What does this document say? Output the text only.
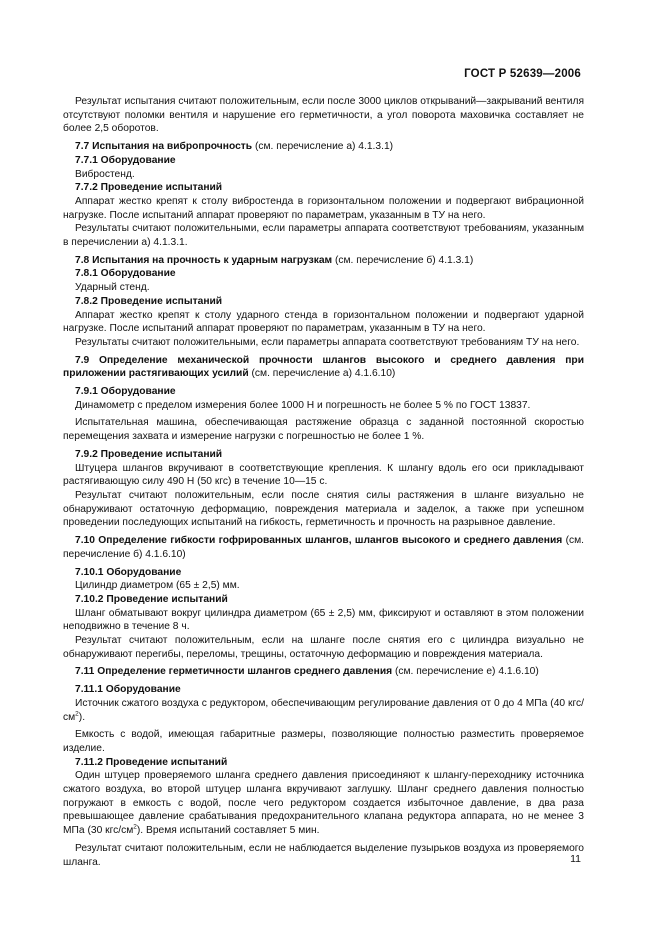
ГОСТ Р 52639—2006

Результат испытания считают положительным, если после 3000 циклов открываний—закрываний вентиля отсутствуют поломки вентиля и нарушение его герметичности, а угол поворота маховичка составляет не более 2,5 оборотов.

7.7 Испытания на вибропрочность (см. перечисление а) 4.1.3.1)

7.7.1 Оборудование

Вибростенд.

7.7.2 Проведение испытаний

Аппарат жестко крепят к столу вибростенда в горизонтальном положении и подвергают вибрационной нагрузке. После испытаний аппарат проверяют по параметрам, указанным в ТУ на него.

Результаты считают положительными, если параметры аппарата соответствуют требованиям, указанным в перечислении а) 4.1.3.1.

7.8 Испытания на прочность к ударным нагрузкам (см. перечисление б) 4.1.3.1)

7.8.1 Оборудование

Ударный стенд.

7.8.2 Проведение испытаний

Аппарат жестко крепят к столу ударного стенда в горизонтальном положении и подвергают ударной нагрузке. После испытаний аппарат проверяют по параметрам, указанным в ТУ на него.

Результаты считают положительными, если параметры аппарата соответствуют требованиям ТУ на него.

7.9 Определение механической прочности шлангов высокого и среднего давления при приложении растягивающих усилий (см. перечисление а) 4.1.6.10)

7.9.1 Оборудование

Динамометр с пределом измерения более 1000 Н и погрешность не более 5 % по ГОСТ 13837.

Испытательная машина, обеспечивающая растяжение образца с заданной постоянной скоростью перемещения захвата и измерение нагрузки с погрешностью не более 1 %.

7.9.2 Проведение испытаний

Штуцера шлангов вкручивают в соответствующие крепления. К шлангу вдоль его оси прикладывают растягивающую силу 490 Н (50 кгс) в течение 10—15 с.

Результат считают положительным, если после снятия силы растяжения в шланге визуально не обнаруживают остаточную деформацию, повреждения материала и заделок, а также при успешном проведении последующих испытаний на гибкость, герметичность и прочность на разрывное давление.

7.10 Определение гибкости гофрированных шлангов, шлангов высокого и среднего давления (см. перечисление б) 4.1.6.10)

7.10.1 Оборудование

Цилиндр диаметром (65 ± 2,5) мм.

7.10.2 Проведение испытаний

Шланг обматывают вокруг цилиндра диаметром (65 ± 2,5) мм, фиксируют и оставляют в этом положении неподвижно в течение 8 ч.

Результат считают положительным, если на шланге после снятия его с цилиндра визуально не обнаруживают перегибы, переломы, трещины, остаточную деформацию и повреждения материала.

7.11 Определение герметичности шлангов среднего давления (см. перечисление е) 4.1.6.10)

7.11.1 Оборудование

Источник сжатого воздуха с редуктором, обеспечивающим регулирование давления от 0 до 4 МПа (40 кгс/$см^2$).

Емкость с водой, имеющая габаритные размеры, позволяющие полностью разместить проверяемое изделие.

7.11.2 Проведение испытаний

Один штуцер проверяемого шланга среднего давления присоединяют к шлангу-переходнику источника сжатого воздуха, во второй штуцер шланга вкручивают заглушку. Шланг среднего давления полностью погружают в емкость с водой, после чего редуктором создается избыточное давление, в два раза превышающее давление срабатывания предохранительного клапана редуктора аппарата, но не менее 3 МПа (30 кгс/$см^2$). Время испытаний составляет 5 мин.

Результат считают положительным, если не наблюдается выделение пузырьков воздуха из проверяемого шланга.	11
